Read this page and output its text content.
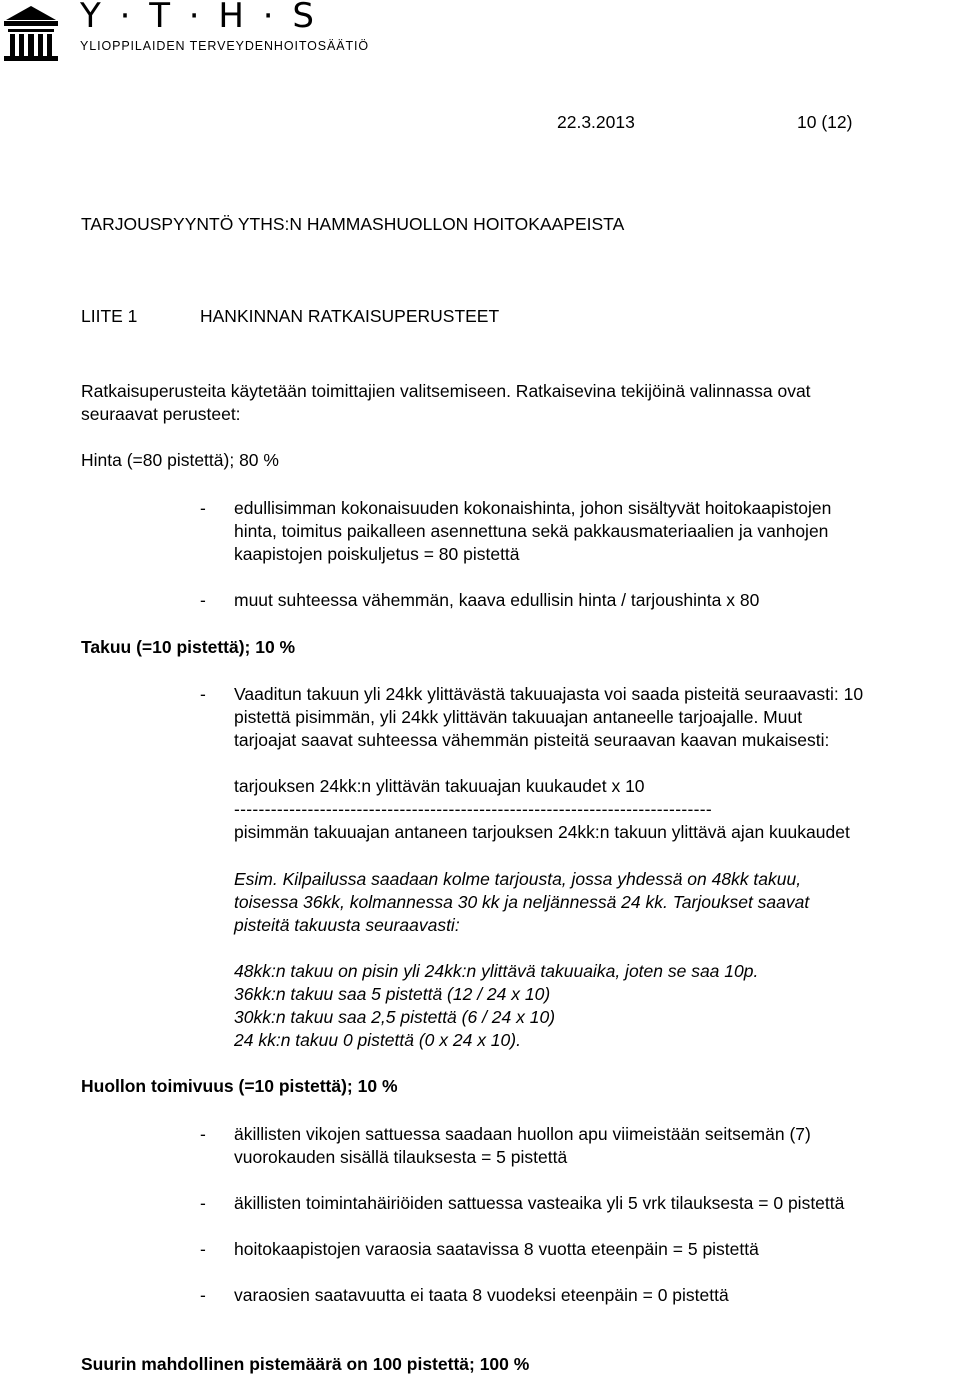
Y · T · H · S
YLIOPPILAIDEN TERVEYDENHOITOSÄÄTIÖ
22.3.2013	10 (12)
TARJOUSPYYNTÖ YTHS:N HAMMASHUOLLON HOITOKAAPEISTA
LIITE 1	HANKINNAN RATKAISUPERUSTEET
Ratkaisuperusteita käytetään toimittajien valitsemiseen. Ratkaisevina tekijöinä valinnassa ovat
seuraavat perusteet:
Hinta (=80 pistettä); 80 %
- edullisimman kokonaisuuden kokonaishinta, johon sisältyvät hoitokaapistojen
hinta, toimitus paikalleen asennettuna sekä pakkausmateriaalien ja vanhojen
kaapistojen poiskuljetus = 80 pistettä
- muut suhteessa vähemmän, kaava edullisin hinta / tarjoushinta x 80
Takuu (=10 pistettä); 10 %
- Vaaditun takuun yli 24kk ylittävästä takuuajasta voi saada pisteitä seuraavasti: 10
pistettä pisimmän, yli 24kk ylittävän takuuajan antaneelle tarjoajalle. Muut
tarjoajat saavat suhteessa vähemmän pisteitä seuraavan kaavan mukaisesti:
tarjouksen 24kk:n ylittävän takuuajan kuukaudet x 10
------------------------------------------------------------------------------
pisimmän takuuajan antaneen tarjouksen 24kk:n takuun ylittävä ajan kuukaudet
Esim. Kilpailussa saadaan kolme tarjousta, jossa yhdessä on 48kk takuu,
toisessa 36kk, kolmannessa 30 kk ja neljännessä 24 kk. Tarjoukset saavat
pisteitä takuusta seuraavasti:
48kk:n takuu on pisin yli 24kk:n ylittävä takuuaika, joten se saa 10p.
36kk:n takuu saa 5 pistettä (12 / 24 x 10)
30kk:n takuu saa 2,5 pistettä (6 / 24 x 10)
24 kk:n takuu 0 pistettä (0 x 24 x 10).
Huollon toimivuus (=10 pistettä); 10 %
- äkillisten vikojen sattuessa saadaan huollon apu viimeistään seitsemän (7)
vuorokauden sisällä tilauksesta = 5 pistettä
- äkillisten toimintahäiriöiden sattuessa vasteaika yli 5 vrk tilauksesta = 0 pistettä
- hoitokaapistojen varaosia saatavissa 8 vuotta eteenpäin = 5 pistettä
- varaosien saatavuutta ei taata 8 vuodeksi eteenpäin = 0 pistettä
Suurin mahdollinen pistemäärä on 100 pistettä; 100 %
